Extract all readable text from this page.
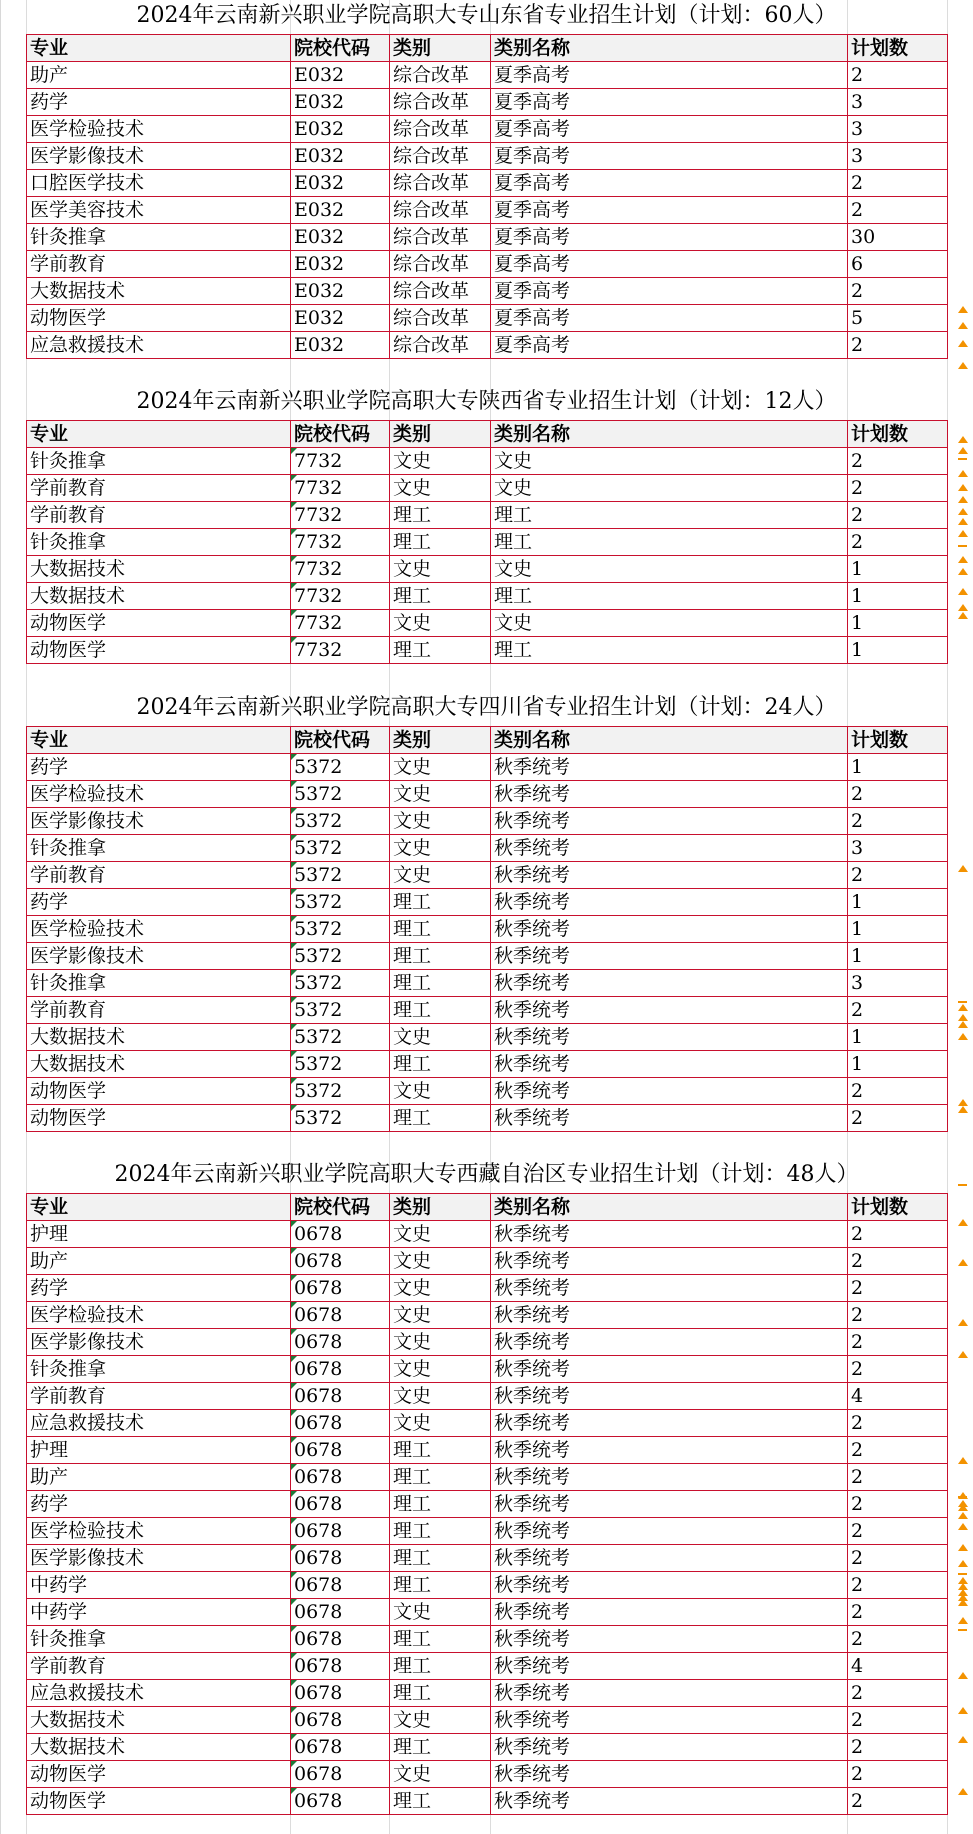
2024年云南新兴职业学院高职大专山东省专业招生计划（计划：60人）
专业	院校代码	类别	类别名称	计划数
助产	E032	综合改革	夏季高考	2
药学	E032	综合改革	夏季高考	3
医学检验技术	E032	综合改革	夏季高考	3
医学影像技术	E032	综合改革	夏季高考	3
口腔医学技术	E032	综合改革	夏季高考	2
医学美容技术	E032	综合改革	夏季高考	2
针灸推拿	E032	综合改革	夏季高考	30
学前教育	E032	综合改革	夏季高考	6
大数据技术	E032	综合改革	夏季高考	2
动物医学	E032	综合改革	夏季高考	5
应急救援技术	E032	综合改革	夏季高考	2
2024年云南新兴职业学院高职大专陕西省专业招生计划（计划：12人）
专业	院校代码	类别	类别名称	计划数
针灸推拿	7732	文史	文史	2
学前教育	7732	文史	文史	2
学前教育	7732	理工	理工	2
针灸推拿	7732	理工	理工	2
大数据技术	7732	文史	文史	1
大数据技术	7732	理工	理工	1
动物医学	7732	文史	文史	1
动物医学	7732	理工	理工	1
2024年云南新兴职业学院高职大专四川省专业招生计划（计划：24人）
专业	院校代码	类别	类别名称	计划数
药学	5372	文史	秋季统考	1
医学检验技术	5372	文史	秋季统考	2
医学影像技术	5372	文史	秋季统考	2
针灸推拿	5372	文史	秋季统考	3
学前教育	5372	文史	秋季统考	2
药学	5372	理工	秋季统考	1
医学检验技术	5372	理工	秋季统考	1
医学影像技术	5372	理工	秋季统考	1
针灸推拿	5372	理工	秋季统考	3
学前教育	5372	理工	秋季统考	2
大数据技术	5372	文史	秋季统考	1
大数据技术	5372	理工	秋季统考	1
动物医学	5372	文史	秋季统考	2
动物医学	5372	理工	秋季统考	2
2024年云南新兴职业学院高职大专西藏自治区专业招生计划（计划：48人）
专业	院校代码	类别	类别名称	计划数
护理	0678	文史	秋季统考	2
助产	0678	文史	秋季统考	2
药学	0678	文史	秋季统考	2
医学检验技术	0678	文史	秋季统考	2
医学影像技术	0678	文史	秋季统考	2
针灸推拿	0678	文史	秋季统考	2
学前教育	0678	文史	秋季统考	4
应急救援技术	0678	文史	秋季统考	2
护理	0678	理工	秋季统考	2
助产	0678	理工	秋季统考	2
药学	0678	理工	秋季统考	2
医学检验技术	0678	理工	秋季统考	2
医学影像技术	0678	理工	秋季统考	2
中药学	0678	理工	秋季统考	2
中药学	0678	文史	秋季统考	2
针灸推拿	0678	理工	秋季统考	2
学前教育	0678	理工	秋季统考	4
应急救援技术	0678	理工	秋季统考	2
大数据技术	0678	文史	秋季统考	2
大数据技术	0678	理工	秋季统考	2
动物医学	0678	文史	秋季统考	2
动物医学	0678	理工	秋季统考	2
